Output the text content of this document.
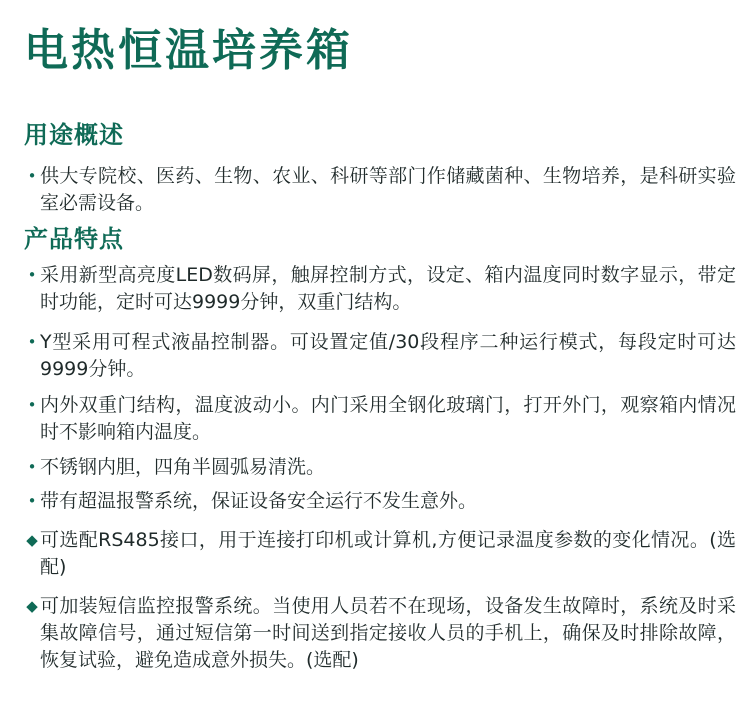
电热恒温培养箱
用途概述
• 供大专院校、医药、生物、农业、科研等部门作储藏菌种、生物培养，是科研实验室必需设备。
产品特点
• 采用新型高亮度LED数码屏，触屏控制方式，设定、箱内温度同时数字显示，带定时功能，定时可达9999分钟，双重门结构。
• Y型采用可程式液晶控制器。可设置定值/30段程序二种运行模式，每段定时可达9999分钟。
• 内外双重门结构，温度波动小。内门采用全钢化玻璃门，打开外门，观察箱内情况时不影响箱内温度。
• 不锈钢内胆，四角半圆弧易清洗。
• 带有超温报警系统，保证设备安全运行不发生意外。
◆ 可选配RS485接口，用于连接打印机或计算机,方便记录温度参数的变化情况。(选配)
◆ 可加装短信监控报警系统。当使用人员若不在现场，设备发生故障时，系统及时采集故障信号，通过短信第一时间送到指定接收人员的手机上，确保及时排除故障，恢复试验，避免造成意外损失。(选配)
